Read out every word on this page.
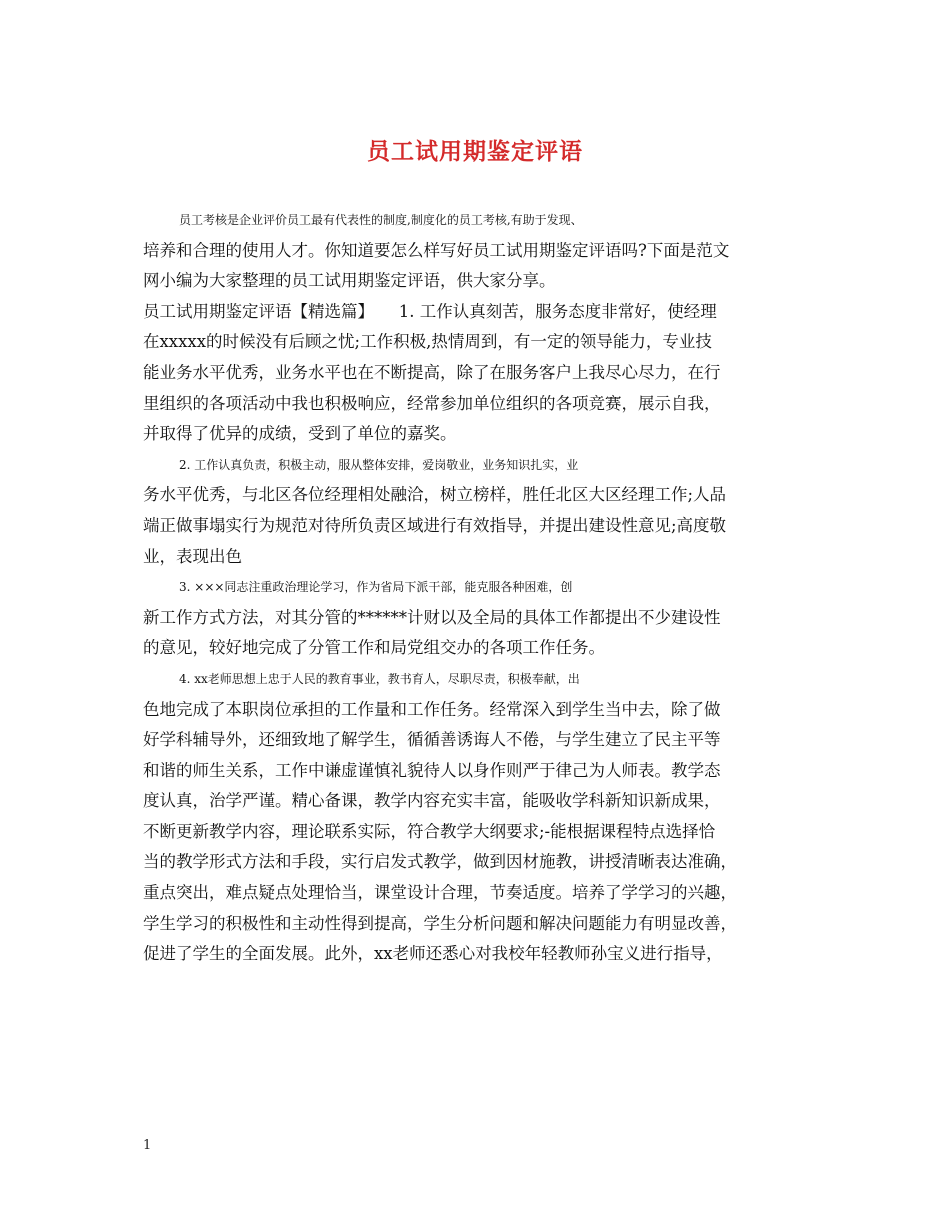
员工试用期鉴定评语
员工考核是企业评价员工最有代表性的制度,制度化的员工考核,有助于发现、
培养和合理的使用人才。你知道要怎么样写好员工试用期鉴定评语吗?下面是范文
网小编为大家整理的员工试用期鉴定评语，供大家分享。
员工试用期鉴定评语【精选篇】　　1. 工作认真刻苦，服务态度非常好，使经理
在xxxxx的时候没有后顾之忧;工作积极,热情周到，有一定的领导能力，专业技
能业务水平优秀，业务水平也在不断提高，除了在服务客户上我尽心尽力，在行
里组织的各项活动中我也积极响应，经常参加单位组织的各项竞赛，展示自我，
并取得了优异的成绩，受到了单位的嘉奖。
2. 工作认真负责，积极主动，服从整体安排，爱岗敬业，业务知识扎实，业
务水平优秀，与北区各位经理相处融洽，树立榜样，胜任北区大区经理工作;人品
端正做事塌实行为规范对待所负责区域进行有效指导，并提出建设性意见;高度敬
业，表现出色
3. ×××同志注重政治理论学习，作为省局下派干部，能克服各种困难，创
新工作方式方法，对其分管的******计财以及全局的具体工作都提出不少建设性
的意见，较好地完成了分管工作和局党组交办的各项工作任务。
4. xx老师思想上忠于人民的教育事业，教书育人，尽职尽责，积极奉献，出
色地完成了本职岗位承担的工作量和工作任务。经常深入到学生当中去，除了做
好学科辅导外，还细致地了解学生，循循善诱诲人不倦，与学生建立了民主平等
和谐的师生关系，工作中谦虚谨慎礼貌待人以身作则严于律己为人师表。教学态
度认真，治学严谨。精心备课，教学内容充实丰富，能吸收学科新知识新成果，
不断更新教学内容，理论联系实际，符合教学大纲要求;-能根据课程特点选择恰
当的教学形式方法和手段，实行启发式教学，做到因材施教，讲授清晰表达准确，
重点突出，难点疑点处理恰当，课堂设计合理，节奏适度。培养了学学习的兴趣，
学生学习的积极性和主动性得到提高，学生分析问题和解决问题能力有明显改善，
促进了学生的全面发展。此外，xx老师还悉心对我校年轻教师孙宝义进行指导，
1
